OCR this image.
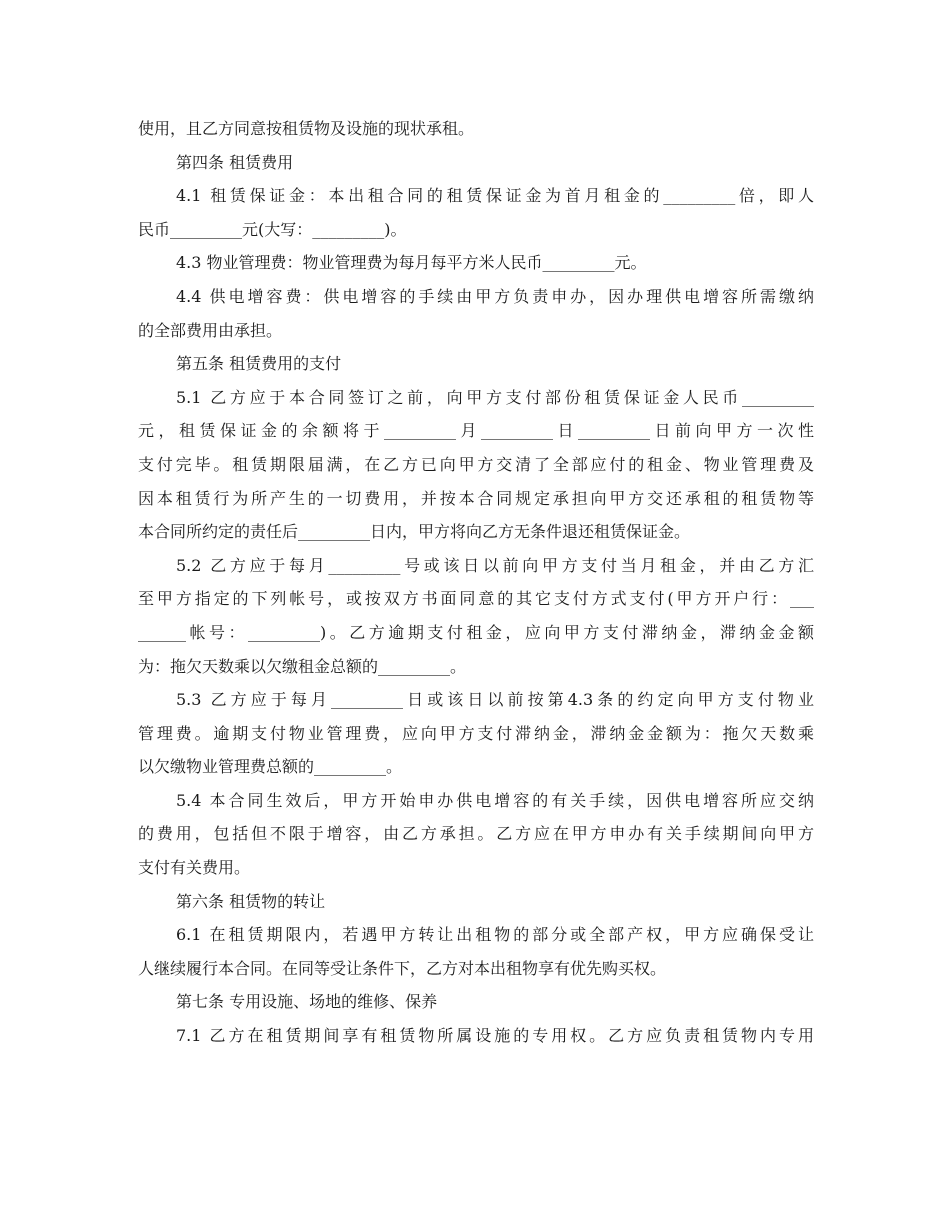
使用，且乙方同意按租赁物及设施的现状承租。
第四条 租赁费用
4.1 租赁保证金：本出租合同的租赁保证金为首月租金的_________倍，即人
民币_________元(大写：_________)。
4.3 物业管理费：物业管理费为每月每平方米人民币_________元。
4.4 供电增容费：供电增容的手续由甲方负责申办，因办理供电增容所需缴纳
的全部费用由承担。
第五条 租赁费用的支付
5.1 乙方应于本合同签订之前，向甲方支付部份租赁保证金人民币_________
元，租赁保证金的余额将于_________月_________日_________日前向甲方一次性
支付完毕。租赁期限届满，在乙方已向甲方交清了全部应付的租金、物业管理费及
因本租赁行为所产生的一切费用，并按本合同规定承担向甲方交还承租的租赁物等
本合同所约定的责任后_________日内，甲方将向乙方无条件退还租赁保证金。
5.2 乙方应于每月_________号或该日以前向甲方支付当月租金，并由乙方汇
至甲方指定的下列帐号，或按双方书面同意的其它支付方式支付(甲方开户行：___
______帐号：_________)。乙方逾期支付租金，应向甲方支付滞纳金，滞纳金金额
为：拖欠天数乘以欠缴租金总额的_________。
5.3 乙方应于每月_________日或该日以前按第4.3条的约定向甲方支付物业
管理费。逾期支付物业管理费，应向甲方支付滞纳金，滞纳金金额为：拖欠天数乘
以欠缴物业管理费总额的_________。
5.4 本合同生效后，甲方开始申办供电增容的有关手续，因供电增容所应交纳
的费用，包括但不限于增容，由乙方承担。乙方应在甲方申办有关手续期间向甲方
支付有关费用。
第六条 租赁物的转让
6.1 在租赁期限内，若遇甲方转让出租物的部分或全部产权，甲方应确保受让
人继续履行本合同。在同等受让条件下，乙方对本出租物享有优先购买权。
第七条 专用设施、场地的维修、保养
7.1 乙方在租赁期间享有租赁物所属设施的专用权。乙方应负责租赁物内专用
